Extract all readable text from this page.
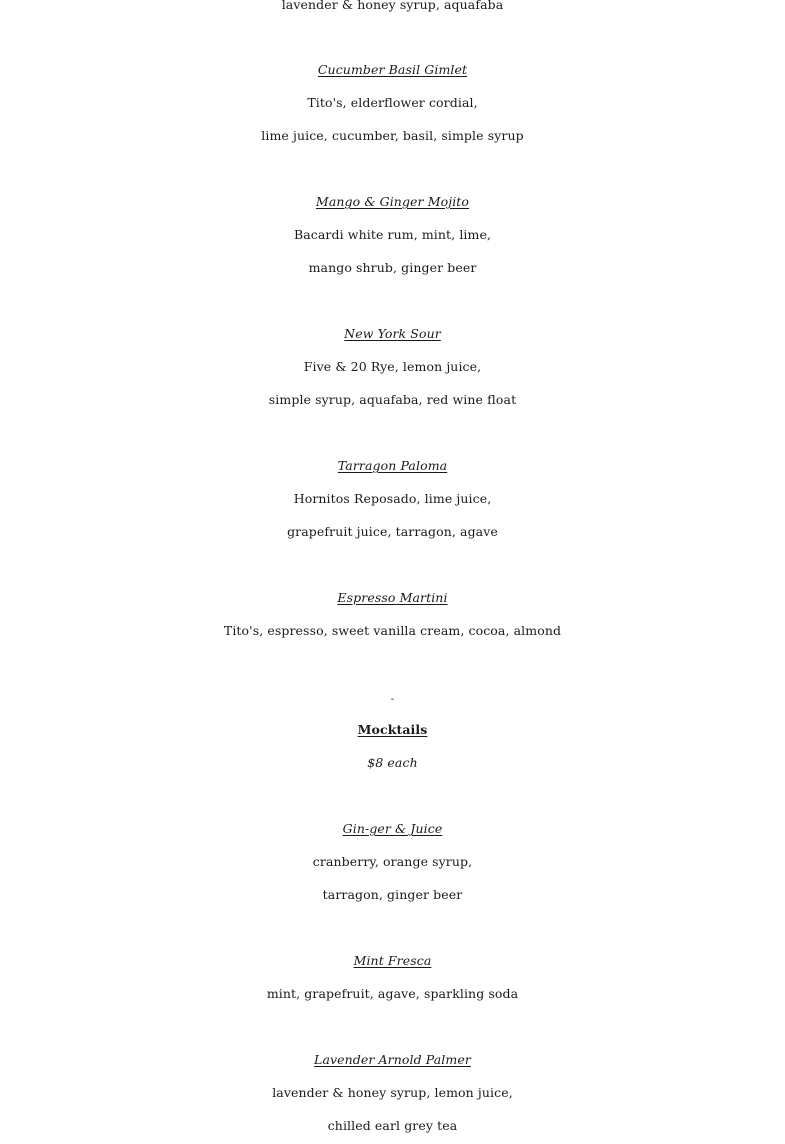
lavender & honey syrup, aquafaba
Cucumber Basil Gimlet
Tito's, elderflower cordial,
lime juice, cucumber, basil, simple syrup
Mango & Ginger Mojito
Bacardi white rum, mint, lime,
mango shrub, ginger beer
New York Sour
Five & 20 Rye, lemon juice,
simple syrup, aquafaba, red wine float
Tarragon Paloma
Hornitos Reposado, lime juice,
grapefruit juice, tarragon, agave
Espresso Martini
Tito's, espresso, sweet vanilla cream, cocoa, almond
-
Mocktails
$8 each
Gin-ger & Juice
cranberry, orange syrup,
tarragon, ginger beer
Mint Fresca
mint, grapefruit, agave, sparkling soda
Lavender Arnold Palmer
lavender & honey syrup, lemon juice,
chilled earl grey tea
